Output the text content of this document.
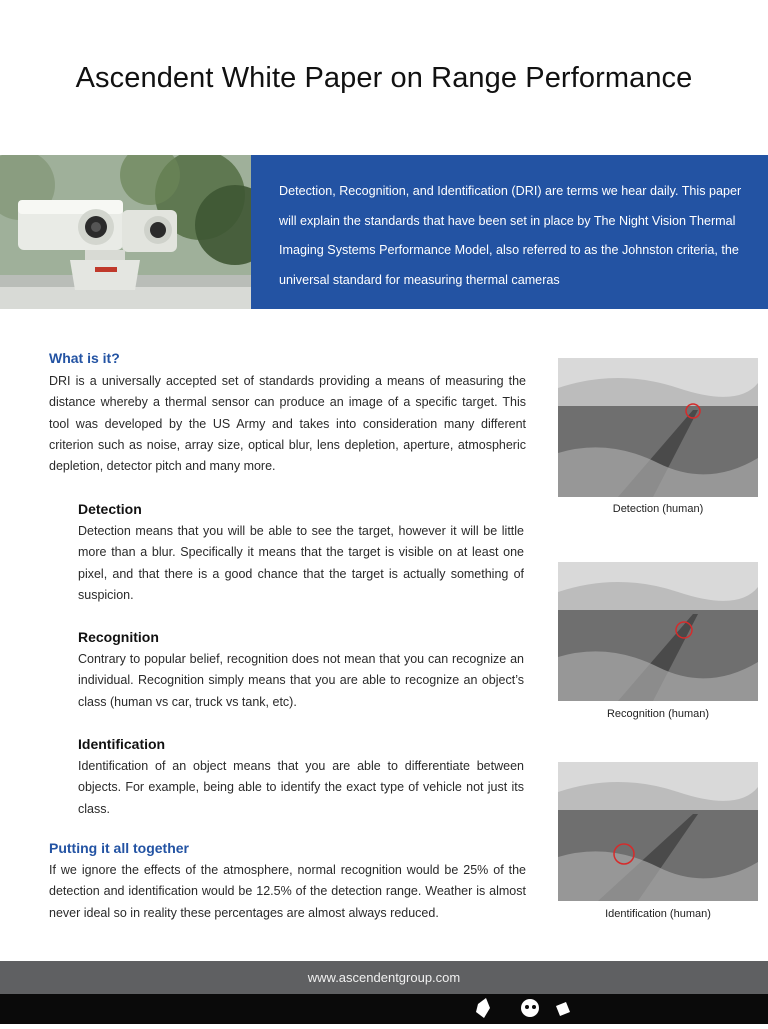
Ascendent White Paper on Range Performance
Detection, Recognition, and Identification (DRI) are terms we hear daily. This paper will explain the standards that have been set in place by The Night Vision Thermal Imaging Systems Performance Model, also referred to as the Johnston criteria, the universal standard for measuring thermal cameras
What is it?
DRI is a universally accepted set of standards providing a means of measuring the distance whereby a thermal sensor can produce an image of a specific target. This tool was developed by the US Army and takes into consideration many different criterion such as noise, array size, optical blur, lens depletion, aperture, atmospheric depletion, detector pitch and many more.
Detection
Detection means that you will be able to see the target, however it will be little more than a blur. Specifically it means that the target is visible on at least one pixel, and that there is a good chance that the target is actually something of suspicion.
Recognition
Contrary to popular belief, recognition does not mean that you can recognize an individual. Recognition simply means that you are able to recognize an object’s class (human vs car, truck vs tank, etc).
Identification
Identification of an object means that you are able to differentiate between objects. For example, being able to identify the exact type of vehicle not just its class.
Putting it all together
If we ignore the effects of the atmosphere, normal recognition would be 25% of the detection and identification would be 12.5% of the detection range. Weather is almost never ideal so in reality these percentages are almost always reduced.
Detection (human)
Recognition (human)
Identification (human)
www.ascendentgroup.com
